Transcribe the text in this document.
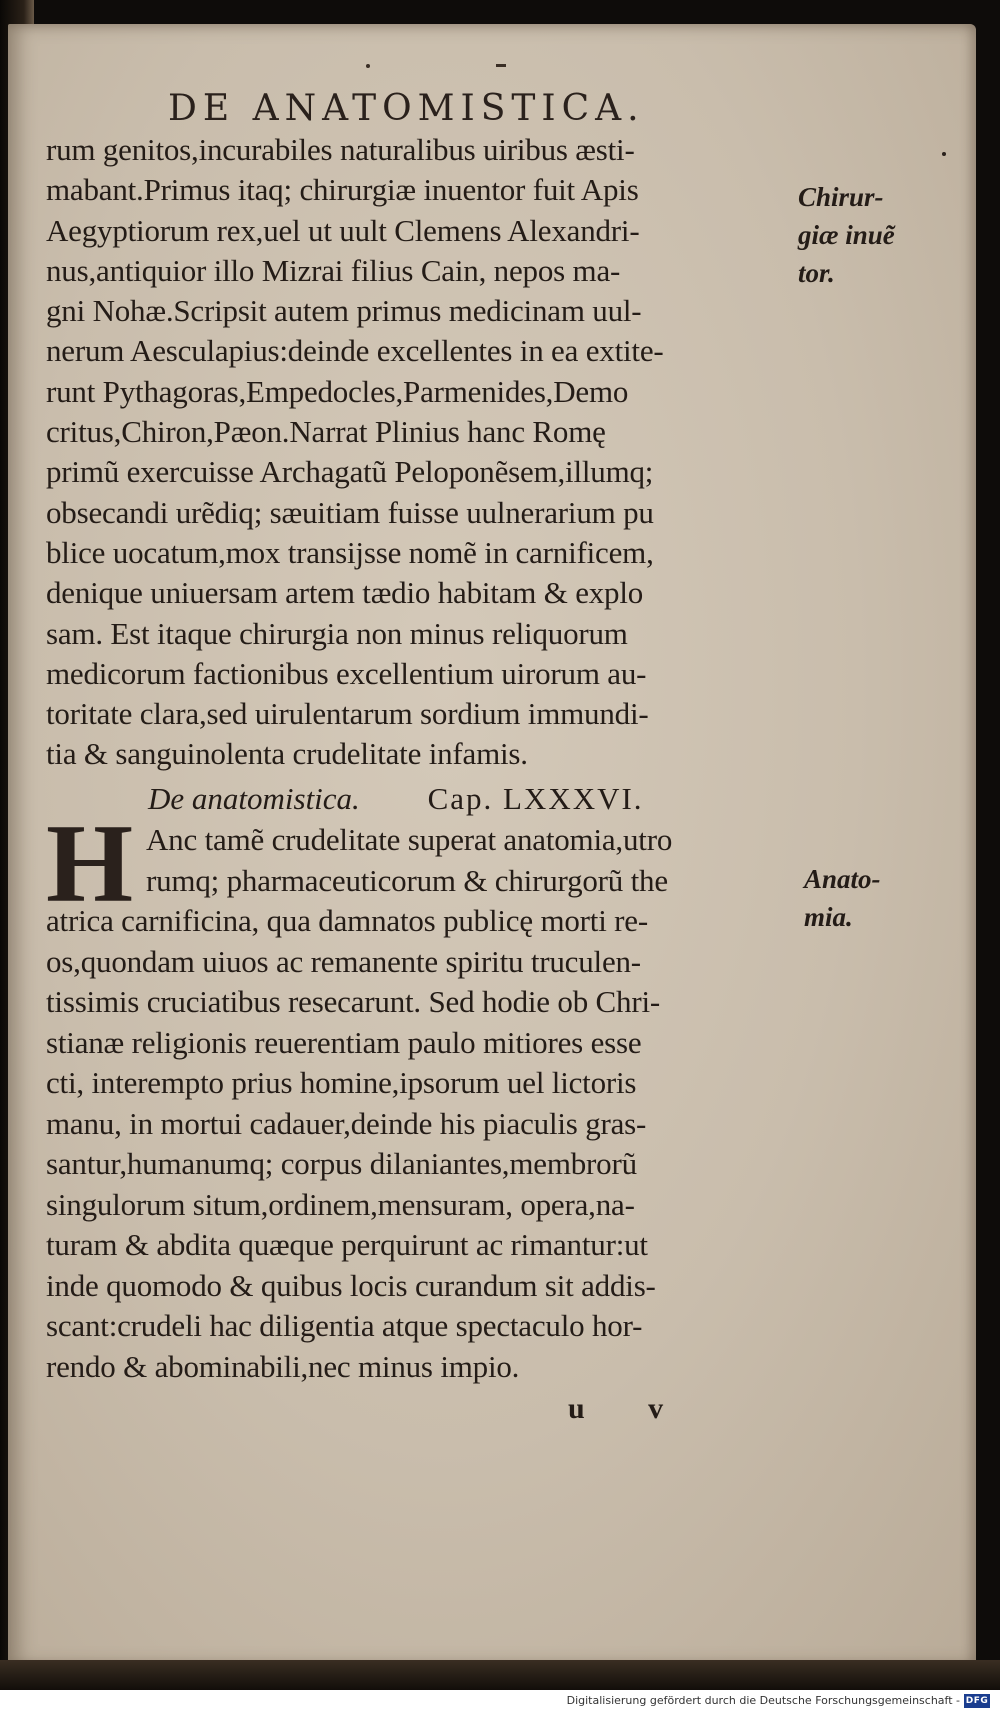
DE ANATOMISTICA.
rum genitos,incurabiles naturalibus uiribus æsti-
mabant.Primus itaq; chirurgiæ inuentor fuit Apis
Aegyptiorum rex,uel ut uult Clemens Alexandri-
nus,antiquior illo Mizrai filius Cain, nepos ma-
gni Nohæ.Scripsit autem primus medicinam uul-
nerum Aesculapius:deinde excellentes in ea extite-
runt Pythagoras,Empedocles,Parmenides,Demo
critus,Chiron,Pæon.Narrat Plinius hanc Romę
primũ exercuisse Archagatũ Peloponẽsem,illumq;
obsecandi urẽdiq; sæuitiam fuisse uulnerarium pu
blice uocatum,mox transijsse nomẽ in carnificem,
denique uniuersam artem tædio habitam & explo
sam. Est itaque chirurgia non minus reliquorum
medicorum factionibus excellentium uirorum au-
toritate clara,sed uirulentarum sordium immundi-
tia & sanguinolenta crudelitate infamis.
De anatomistica. Cap. LXXXVI.
H Anc tamẽ crudelitate superat anatomia,utro
rumq; pharmaceuticorum & chirurgorũ the
atrica carnificina, qua damnatos publicę morti re-
os,quondam uiuos ac remanente spiritu truculen-
tissimis cruciatibus resecarunt. Sed hodie ob Chri-
stianæ religionis reuerentiam paulo mitiores esse
cti, interempto prius homine,ipsorum uel lictoris
manu, in mortui cadauer,deinde his piaculis gras-
santur,humanumq; corpus dilaniantes,membrorũ
singulorum situm,ordinem,mensuram, opera,na-
turam & abdita quæque perquirunt ac rimantur:ut
inde quomodo & quibus locis curandum sit addis-
scant:crudeli hac diligentia atque spectaculo hor-
rendo & abominabili,nec minus impio.
Chirur-
giæ inuẽ
tor.
Anato-
mia.
u v
Digitalisierung gefördert durch die Deutsche Forschungsgemeinschaft - DFG
